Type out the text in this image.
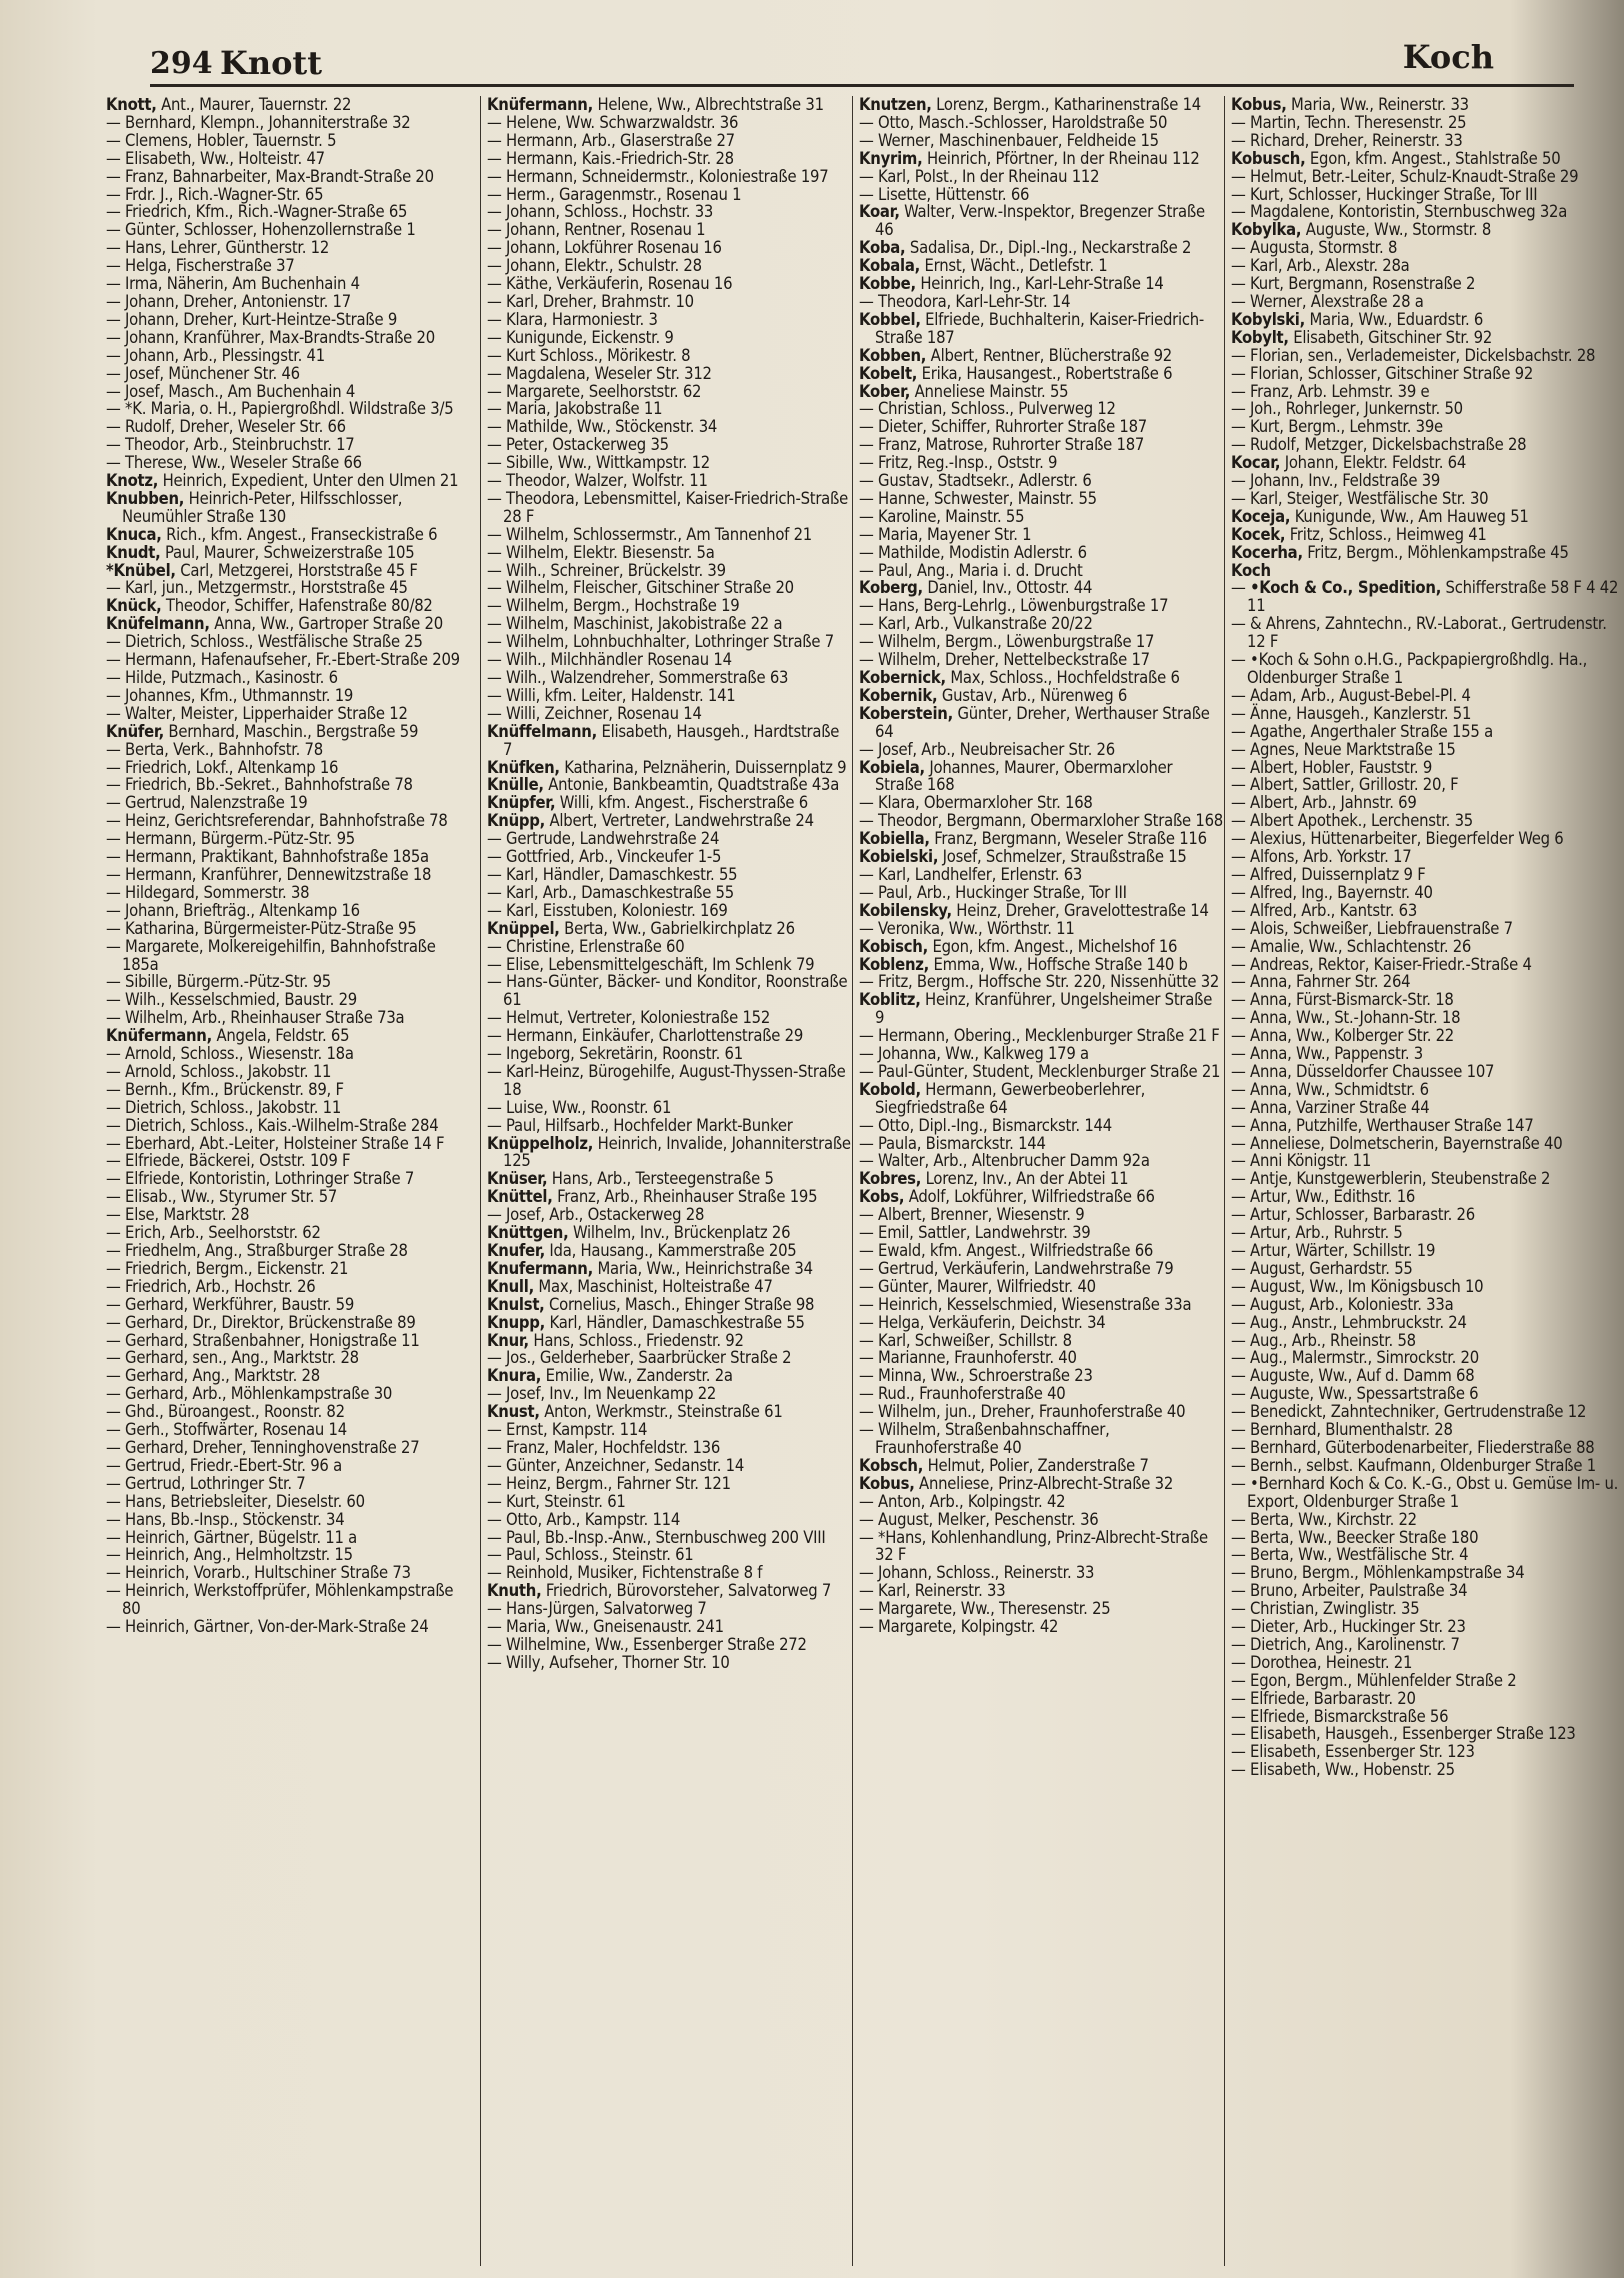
294 Knott	Koch

Knott, Ant., Maurer, Tauernstr. 22

— Bernhard, Klempn., Johanniterstraße 32

— Clemens, Hobler, Tauernstr. 5

— Elisabeth, Ww., Holteistr. 47

— Franz, Bahnarbeiter, Max-Brandt-Straße 20

— Frdr. J., Rich.-Wagner-Str. 65

— Friedrich, Kfm., Rich.-Wagner-Straße 65

— Günter, Schlosser, Hohenzollernstraße 1

— Hans, Lehrer, Güntherstr. 12

— Helga, Fischerstraße 37

— Irma, Näherin, Am Buchenhain 4

— Johann, Dreher, Antonienstr. 17

— Johann, Dreher, Kurt-Heintze-Straße 9

— Johann, Kranführer, Max-Brandts-Straße 20

— Johann, Arb., Plessingstr. 41

— Josef, Münchener Str. 46

— Josef, Masch., Am Buchenhain 4

— *K. Maria, o. H., Papiergroßhdl. Wildstraße 3/5

— Rudolf, Dreher, Weseler Str. 66

— Theodor, Arb., Steinbruchstr. 17

— Therese, Ww., Weseler Straße 66

Knotz, Heinrich, Expedient, Unter den Ulmen 21

Knubben, Heinrich-Peter, Hilfsschlosser, Neumühler Straße 130

Knuca, Rich., kfm. Angest., Franseckistraße 6

Knudt, Paul, Maurer, Schweizerstraße 105

*Knübel, Carl, Metzgerei, Horststraße 45 F

— Karl, jun., Metzgermstr., Horststraße 45

Knück, Theodor, Schiffer, Hafenstraße 80/82

Knüfelmann, Anna, Ww., Gartroper Straße 20

— Dietrich, Schloss., Westfälische Straße 25

— Hermann, Hafenaufseher, Fr.-Ebert-Straße 209

— Hilde, Putzmach., Kasinostr. 6

— Johannes, Kfm., Uthmannstr. 19

— Walter, Meister, Lipperhaider Straße 12

Knüfer, Bernhard, Maschin., Bergstraße 59

— Berta, Verk., Bahnhofstr. 78

— Friedrich, Lokf., Altenkamp 16

— Friedrich, Bb.-Sekret., Bahnhofstraße 78

— Gertrud, Nalenzstraße 19

— Heinz, Gerichtsreferendar, Bahnhofstraße 78

— Hermann, Bürgerm.-Pütz-Str. 95

— Hermann, Praktikant, Bahnhofstraße 185a

— Hermann, Kranführer, Dennewitzstraße 18

— Hildegard, Sommerstr. 38

— Johann, Briefträg., Altenkamp 16

— Katharina, Bürgermeister-Pütz-Straße 95

— Margarete, Molkereigehilfin, Bahnhofstraße 185a

— Sibille, Bürgerm.-Pütz-Str. 95

— Wilh., Kesselschmied, Baustr. 29

— Wilhelm, Arb., Rheinhauser Straße 73a

Knüfermann, Angela, Feldstr. 65

— Arnold, Schloss., Wiesenstr. 18a

— Arnold, Schloss., Jakobstr. 11

— Bernh., Kfm., Brückenstr. 89, F

— Dietrich, Schloss., Jakobstr. 11

— Dietrich, Schloss., Kais.-Wilhelm-Straße 284

— Eberhard, Abt.-Leiter, Holsteiner Straße 14 F

— Elfriede, Bäckerei, Oststr. 109 F

— Elfriede, Kontoristin, Lothringer Straße 7

— Elisab., Ww., Styrumer Str. 57

— Else, Marktstr. 28

— Erich, Arb., Seelhorststr. 62

— Friedhelm, Ang., Straßburger Straße 28

— Friedrich, Bergm., Eickenstr. 21

— Friedrich, Arb., Hochstr. 26

— Gerhard, Werkführer, Baustr. 59

— Gerhard, Dr., Direktor, Brückenstraße 89

— Gerhard, Straßenbahner, Honigstraße 11

— Gerhard, sen., Ang., Marktstr. 28

— Gerhard, Ang., Marktstr. 28

— Gerhard, Arb., Möhlenkampstraße 30

— Ghd., Büroangest., Roonstr. 82

— Gerh., Stoffwärter, Rosenau 14

— Gerhard, Dreher, Tenninghovenstraße 27

— Gertrud, Friedr.-Ebert-Str. 96 a

— Gertrud, Lothringer Str. 7

— Hans, Betriebsleiter, Dieselstr. 60

— Hans, Bb.-Insp., Stöckenstr. 34

— Heinrich, Gärtner, Bügelstr. 11 a

— Heinrich, Ang., Helmholtzstr. 15

— Heinrich, Vorarb., Hultschiner Straße 73

— Heinrich, Werkstoffprüfer, Möhlenkampstraße 80

— Heinrich, Gärtner, Von-der-Mark-Straße 24

Knüfermann, Helene, Ww., Albrechtstraße 31

— Helene, Ww. Schwarzwaldstr. 36

— Hermann, Arb., Glaserstraße 27

— Hermann, Kais.-Friedrich-Str. 28

— Hermann, Schneidermstr., Koloniestraße 197

— Herm., Garagenmstr., Rosenau 1

— Johann, Schloss., Hochstr. 33

— Johann, Rentner, Rosenau 1

— Johann, Lokführer Rosenau 16

— Johann, Elektr., Schulstr. 28

— Käthe, Verkäuferin, Rosenau 16

— Karl, Dreher, Brahmstr. 10

— Klara, Harmoniestr. 3

— Kunigunde, Eickenstr. 9

— Kurt Schloss., Mörikestr. 8

— Magdalena, Weseler Str. 312

— Margarete, Seelhorststr. 62

— Maria, Jakobstraße 11

— Mathilde, Ww., Stöckenstr. 34

— Peter, Ostackerweg 35

— Sibille, Ww., Wittkampstr. 12

— Theodor, Walzer, Wolfstr. 11

— Theodora, Lebensmittel, Kaiser-Friedrich-Straße 28 F

— Wilhelm, Schlossermstr., Am Tannenhof 21

— Wilhelm, Elektr. Biesenstr. 5a

— Wilh., Schreiner, Brückelstr. 39

— Wilhelm, Fleischer, Gitschiner Straße 20

— Wilhelm, Bergm., Hochstraße 19

— Wilhelm, Maschinist, Jakobistraße 22 a

— Wilhelm, Lohnbuchhalter, Lothringer Straße 7

— Wilh., Milchhändler Rosenau 14

— Wilh., Walzendreher, Sommerstraße 63

— Willi, kfm. Leiter, Haldenstr. 141

— Willi, Zeichner, Rosenau 14

Knüffelmann, Elisabeth, Hausgeh., Hardtstraße 7

Knüfken, Katharina, Pelznäherin, Duissernplatz 9

Knülle, Antonie, Bankbeamtin, Quadtstraße 43a

Knüpfer, Willi, kfm. Angest., Fischerstraße 6

Knüpp, Albert, Vertreter, Landwehrstraße 24

— Gertrude, Landwehrstraße 24

— Gottfried, Arb., Vinckeufer 1-5

— Karl, Händler, Damaschkestr. 55

— Karl, Arb., Damaschkestraße 55

— Karl, Eisstuben, Koloniestr. 169

Knüppel, Berta, Ww., Gabrielkirchplatz 26

— Christine, Erlenstraße 60

— Elise, Lebensmittelgeschäft, Im Schlenk 79

— Hans-Günter, Bäcker- und Konditor, Roonstraße 61

— Helmut, Vertreter, Koloniestraße 152

— Hermann, Einkäufer, Charlottenstraße 29

— Ingeborg, Sekretärin, Roonstr. 61

— Karl-Heinz, Bürogehilfe, August-Thyssen-Straße 18

— Luise, Ww., Roonstr. 61

— Paul, Hilfsarb., Hochfelder Markt-Bunker

Knüppelholz, Heinrich, Invalide, Johanniterstraße 125

Knüser, Hans, Arb., Tersteegenstraße 5

Knüttel, Franz, Arb., Rheinhauser Straße 195

— Josef, Arb., Ostackerweg 28

Knüttgen, Wilhelm, Inv., Brückenplatz 26

Knufer, Ida, Hausang., Kammerstraße 205

Knufermann, Maria, Ww., Heinrichstraße 34

Knull, Max, Maschinist, Holteistraße 47

Knulst, Cornelius, Masch., Ehinger Straße 98

Knupp, Karl, Händler, Damaschkestraße 55

Knur, Hans, Schloss., Friedenstr. 92

— Jos., Gelderheber, Saarbrücker Straße 2

Knura, Emilie, Ww., Zanderstr. 2a

— Josef, Inv., Im Neuenkamp 22

Knust, Anton, Werkmstr., Steinstraße 61

— Ernst, Kampstr. 114

— Franz, Maler, Hochfeldstr. 136

— Günter, Anzeichner, Sedanstr. 14

— Heinz, Bergm., Fahrner Str. 121

— Kurt, Steinstr. 61

— Otto, Arb., Kampstr. 114

— Paul, Bb.-Insp.-Anw., Sternbuschweg 200 VIII

— Paul, Schloss., Steinstr. 61

— Reinhold, Musiker, Fichtenstraße 8 f

Knuth, Friedrich, Bürovorsteher, Salvatorweg 7

— Hans-Jürgen, Salvatorweg 7

— Maria, Ww., Gneisenaustr. 241

— Wilhelmine, Ww., Essenberger Straße 272

— Willy, Aufseher, Thorner Str. 10

Knutzen, Lorenz, Bergm., Katharinenstraße 14

— Otto, Masch.-Schlosser, Haroldstraße 50

— Werner, Maschinenbauer, Feldheide 15

Knyrim, Heinrich, Pförtner, In der Rheinau 112

— Karl, Polst., In der Rheinau 112

— Lisette, Hüttenstr. 66

Koar, Walter, Verw.-Inspektor, Bregenzer Straße 46

Koba, Sadalisa, Dr., Dipl.-Ing., Neckarstraße 2

Kobala, Ernst, Wächt., Detlefstr. 1

Kobbe, Heinrich, Ing., Karl-Lehr-Straße 14

— Theodora, Karl-Lehr-Str. 14

Kobbel, Elfriede, Buchhalterin, Kaiser-Friedrich-Straße 187

Kobben, Albert, Rentner, Blücherstraße 92

Kobelt, Erika, Hausangest., Robertstraße 6

Kober, Anneliese Mainstr. 55

— Christian, Schloss., Pulverweg 12

— Dieter, Schiffer, Ruhrorter Straße 187

— Franz, Matrose, Ruhrorter Straße 187

— Fritz, Reg.-Insp., Oststr. 9

— Gustav, Stadtsekr., Adlerstr. 6

— Hanne, Schwester, Mainstr. 55

— Karoline, Mainstr. 55

— Maria, Mayener Str. 1

— Mathilde, Modistin Adlerstr. 6

— Paul, Ang., Maria i. d. Drucht

Koberg, Daniel, Inv., Ottostr. 44

— Hans, Berg-Lehrlg., Löwenburgstraße 17

— Karl, Arb., Vulkanstraße 20/22

— Wilhelm, Bergm., Löwenburgstraße 17

— Wilhelm, Dreher, Nettelbeckstraße 17

Kobernick, Max, Schloss., Hochfeldstraße 6

Kobernik, Gustav, Arb., Nürenweg 6

Koberstein, Günter, Dreher, Werthauser Straße 64

— Josef, Arb., Neubreisacher Str. 26

Kobiela, Johannes, Maurer, Obermarxloher Straße 168

— Klara, Obermarxloher Str. 168

— Theodor, Bergmann, Obermarxloher Straße 168

Kobiella, Franz, Bergmann, Weseler Straße 116

Kobielski, Josef, Schmelzer, Straußstraße 15

— Karl, Landhelfer, Erlenstr. 63

— Paul, Arb., Huckinger Straße, Tor III

Kobilensky, Heinz, Dreher, Gravelottestraße 14

— Veronika, Ww., Wörthstr. 11

Kobisch, Egon, kfm. Angest., Michelshof 16

Koblenz, Emma, Ww., Hoffsche Straße 140 b

— Fritz, Bergm., Hoffsche Str. 220, Nissenhütte 32

Koblitz, Heinz, Kranführer, Ungelsheimer Straße 9

— Hermann, Obering., Mecklenburger Straße 21 F

— Johanna, Ww., Kalkweg 179 a

— Paul-Günter, Student, Mecklenburger Straße 21

Kobold, Hermann, Gewerbeoberlehrer, Siegfriedstraße 64

— Otto, Dipl.-Ing., Bismarckstr. 144

— Paula, Bismarckstr. 144

— Walter, Arb., Altenbrucher Damm 92a

Kobres, Lorenz, Inv., An der Abtei 11

Kobs, Adolf, Lokführer, Wilfriedstraße 66

— Albert, Brenner, Wiesenstr. 9

— Emil, Sattler, Landwehrstr. 39

— Ewald, kfm. Angest., Wilfriedstraße 66

— Gertrud, Verkäuferin, Landwehrstraße 79

— Günter, Maurer, Wilfriedstr. 40

— Heinrich, Kesselschmied, Wiesenstraße 33a

— Helga, Verkäuferin, Deichstr. 34

— Karl, Schweißer, Schillstr. 8

— Marianne, Fraunhoferstr. 40

— Minna, Ww., Schroerstraße 23

— Rud., Fraunhoferstraße 40

— Wilhelm, jun., Dreher, Fraunhoferstraße 40

— Wilhelm, Straßenbahnschaffner, Fraunhoferstraße 40

Kobsch, Helmut, Polier, Zanderstraße 7

Kobus, Anneliese, Prinz-Albrecht-Straße 32

— Anton, Arb., Kolpingstr. 42

— August, Melker, Peschenstr. 36

— *Hans, Kohlenhandlung, Prinz-Albrecht-Straße 32 F

— Johann, Schloss., Reinerstr. 33

— Karl, Reinerstr. 33

— Margarete, Ww., Theresenstr. 25

— Margarete, Kolpingstr. 42

Kobus, Maria, Ww., Reinerstr. 33

— Martin, Techn. Theresenstr. 25

— Richard, Dreher, Reinerstr. 33

Kobusch, Egon, kfm. Angest., Stahlstraße 50

— Helmut, Betr.-Leiter, Schulz-Knaudt-Straße 29

— Kurt, Schlosser, Huckinger Straße, Tor III

— Magdalene, Kontoristin, Sternbuschweg 32a

Kobylka, Auguste, Ww., Stormstr. 8

— Augusta, Stormstr. 8

— Karl, Arb., Alexstr. 28a

— Kurt, Bergmann, Rosenstraße 2

— Werner, Alexstraße 28 a

Kobylski, Maria, Ww., Eduardstr. 6

Kobylt, Elisabeth, Gitschiner Str. 92

— Florian, sen., Verlademeister, Dickelsbachstr. 28

— Florian, Schlosser, Gitschiner Straße 92

— Franz, Arb. Lehmstr. 39 e

— Joh., Rohrleger, Junkernstr. 50

— Kurt, Bergm., Lehmstr. 39e

— Rudolf, Metzger, Dickelsbachstraße 28

Kocar, Johann, Elektr. Feldstr. 64

— Johann, Inv., Feldstraße 39

— Karl, Steiger, Westfälische Str. 30

Koceja, Kunigunde, Ww., Am Hauweg 51

Kocek, Fritz, Schloss., Heimweg 41

Kocerha, Fritz, Bergm., Möhlenkampstraße 45

Koch

— •Koch & Co., Spedition, Schifferstraße 58 F 4 42 11

— & Ahrens, Zahntechn., RV.-Laborat., Gertrudenstr. 12 F

— •Koch & Sohn o.H.G., Packpapiergroßhdlg. Ha., Oldenburger Straße 1

— Adam, Arb., August-Bebel-Pl. 4

— Änne, Hausgeh., Kanzlerstr. 51

— Agathe, Angerthaler Straße 155 a

— Agnes, Neue Marktstraße 15

— Albert, Hobler, Fauststr. 9

— Albert, Sattler, Grillostr. 20, F

— Albert, Arb., Jahnstr. 69

— Albert Apothek., Lerchenstr. 35

— Alexius, Hüttenarbeiter, Biegerfelder Weg 6

— Alfons, Arb. Yorkstr. 17

— Alfred, Duissernplatz 9 F

— Alfred, Ing., Bayernstr. 40

— Alfred, Arb., Kantstr. 63

— Alois, Schweißer, Liebfrauenstraße 7

— Amalie, Ww., Schlachtenstr. 26

— Andreas, Rektor, Kaiser-Friedr.-Straße 4

— Anna, Fahrner Str. 264

— Anna, Fürst-Bismarck-Str. 18

— Anna, Ww., St.-Johann-Str. 18

— Anna, Ww., Kolberger Str. 22

— Anna, Ww., Pappenstr. 3

— Anna, Düsseldorfer Chaussee 107

— Anna, Ww., Schmidtstr. 6

— Anna, Varziner Straße 44

— Anna, Putzhilfe, Werthauser Straße 147

— Anneliese, Dolmetscherin, Bayernstraße 40

— Anni Königstr. 11

— Antje, Kunstgewerblerin, Steubenstraße 2

— Artur, Ww., Edithstr. 16

— Artur, Schlosser, Barbarastr. 26

— Artur, Arb., Ruhrstr. 5

— Artur, Wärter, Schillstr. 19

— August, Gerhardstr. 55

— August, Ww., Im Königsbusch 10

— August, Arb., Koloniestr. 33a

— Aug., Anstr., Lehmbruckstr. 24

— Aug., Arb., Rheinstr. 58

— Aug., Malermstr., Simrockstr. 20

— Auguste, Ww., Auf d. Damm 68

— Auguste, Ww., Spessartstraße 6

— Benedickt, Zahntechniker, Gertrudenstraße 12

— Bernhard, Blumenthalstr. 28

— Bernhard, Güterbodenarbeiter, Fliederstraße 88

— Bernh., selbst. Kaufmann, Oldenburger Straße 1

— •Bernhard Koch & Co. K.-G., Obst u. Gemüse Im- u. Export, Oldenburger Straße 1

— Berta, Ww., Kirchstr. 22

— Berta, Ww., Beecker Straße 180

— Berta, Ww., Westfälische Str. 4

— Bruno, Bergm., Möhlenkampstraße 34

— Bruno, Arbeiter, Paulstraße 34

— Christian, Zwinglistr. 35

— Dieter, Arb., Huckinger Str. 23

— Dietrich, Ang., Karolinenstr. 7

— Dorothea, Heinestr. 21

— Egon, Bergm., Mühlenfelder Straße 2

— Elfriede, Barbarastr. 20

— Elfriede, Bismarckstraße 56

— Elisabeth, Hausgeh., Essenberger Straße 123

— Elisabeth, Essenberger Str. 123

— Elisabeth, Ww., Hobenstr. 25
